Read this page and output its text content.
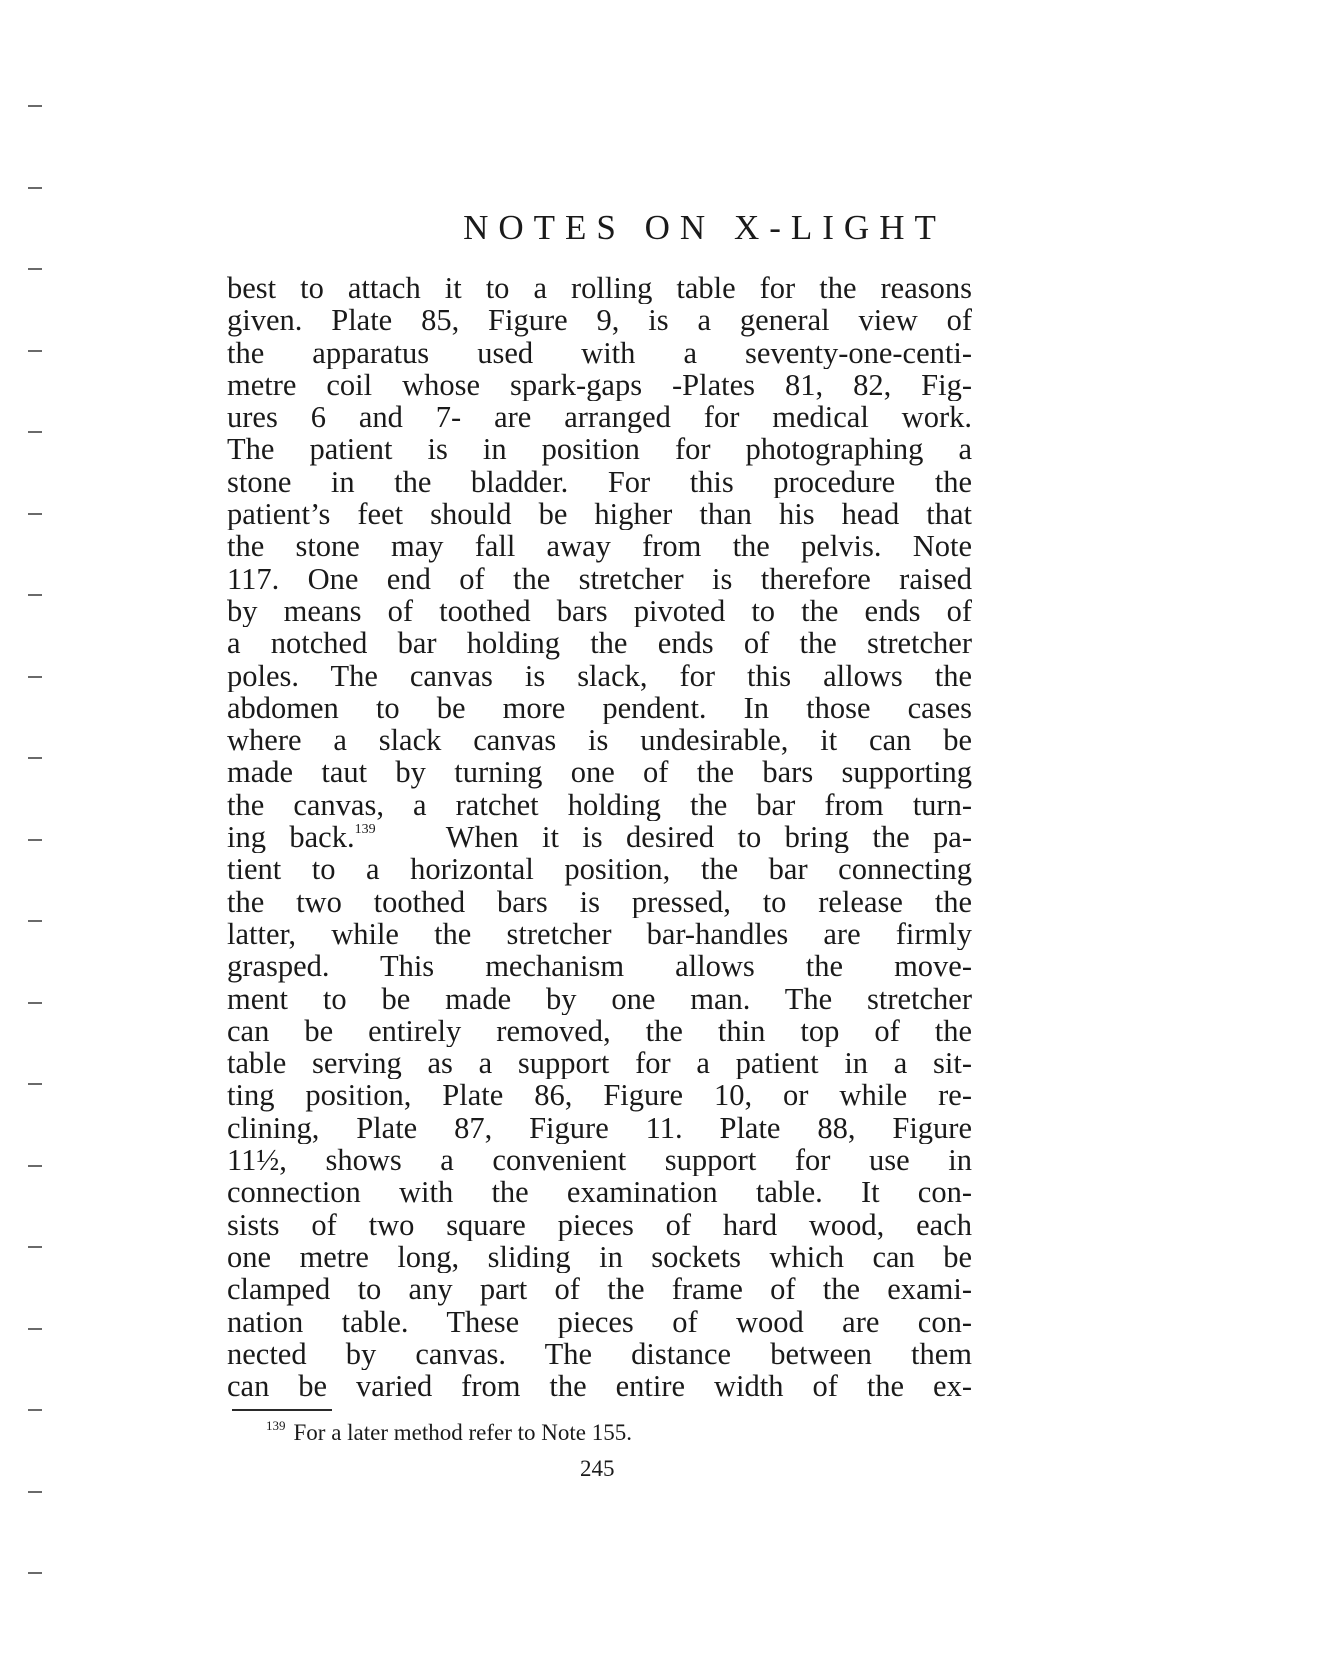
NOTES ON X-LIGHT
best to attach it to a rolling table for the reasons
given. Plate 85, Figure 9, is a general view of
the apparatus used with a seventy-one-centi-
metre coil whose spark-gaps -Plates 81, 82, Fig-
ures 6 and 7- are arranged for medical work.
The patient is in position for photographing a
stone in the bladder. For this procedure the
patient’s feet should be higher than his head that
the stone may fall away from the pelvis. Note
117. One end of the stretcher is therefore raised
by means of toothed bars pivoted to the ends of
a notched bar holding the ends of the stretcher
poles. The canvas is slack, for this allows the
abdomen to be more pendent. In those cases
where a slack canvas is undesirable, it can be
made taut by turning one of the bars supporting
the canvas, a ratchet holding the bar from turn-
ing back.$^{139}$ When it is desired to bring the pa-
tient to a horizontal position, the bar connecting
the two toothed bars is pressed, to release the
latter, while the stretcher bar-handles are firmly
grasped. This mechanism allows the move-
ment to be made by one man. The stretcher
can be entirely removed, the thin top of the
table serving as a support for a patient in a sit-
ting position, Plate 86, Figure 10, or while re-
clining, Plate 87, Figure 11. Plate 88, Figure
11½, shows a convenient support for use in
connection with the examination table. It con-
sists of two square pieces of hard wood, each
one metre long, sliding in sockets which can be
clamped to any part of the frame of the exami-
nation table. These pieces of wood are con-
nected by canvas. The distance between them
can be varied from the entire width of the ex-
$^{139}$ For a later method refer to Note 155.
245
